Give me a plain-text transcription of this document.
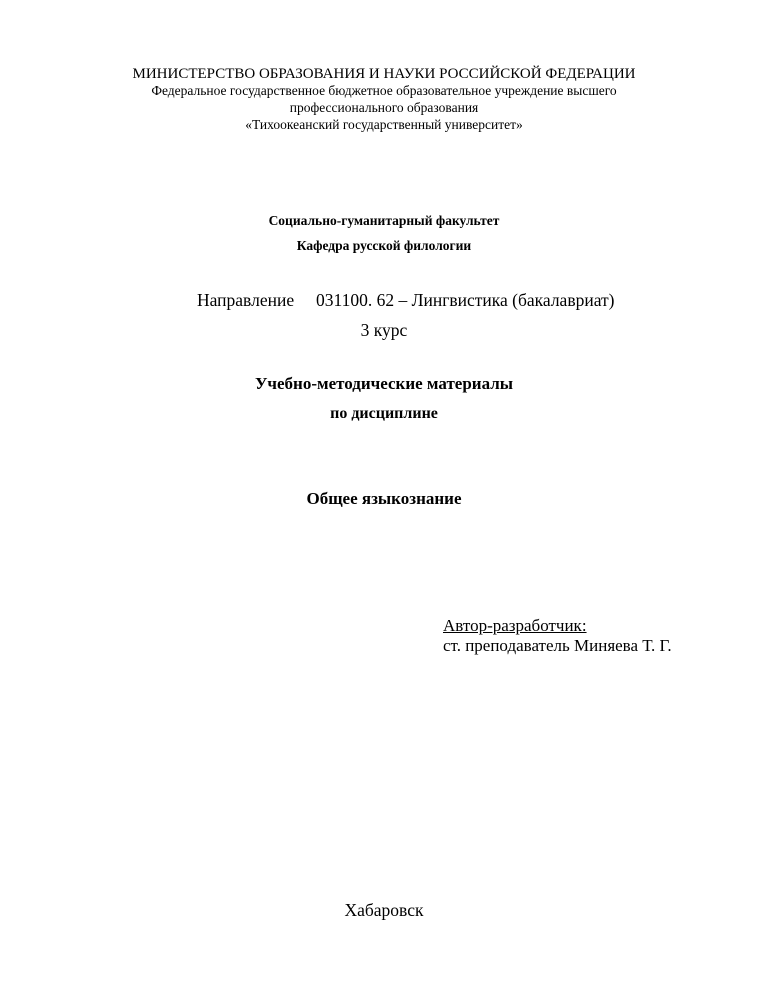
МИНИСТЕРСТВО ОБРАЗОВАНИЯ И НАУКИ РОССИЙСКОЙ ФЕДЕРАЦИИ
Федеральное государственное бюджетное образовательное учреждение высшего
профессионального образования
«Тихоокеанский государственный университет»
Социально-гуманитарный факультет
Кафедра русской филологии
Направление 031100. 62 – Лингвистика (бакалавриат)
3 курс
Учебно-методические материалы
по дисциплине
Общее языкознание
Автор-разработчик:
ст. преподаватель Миняева Т. Г.
Хабаровск
